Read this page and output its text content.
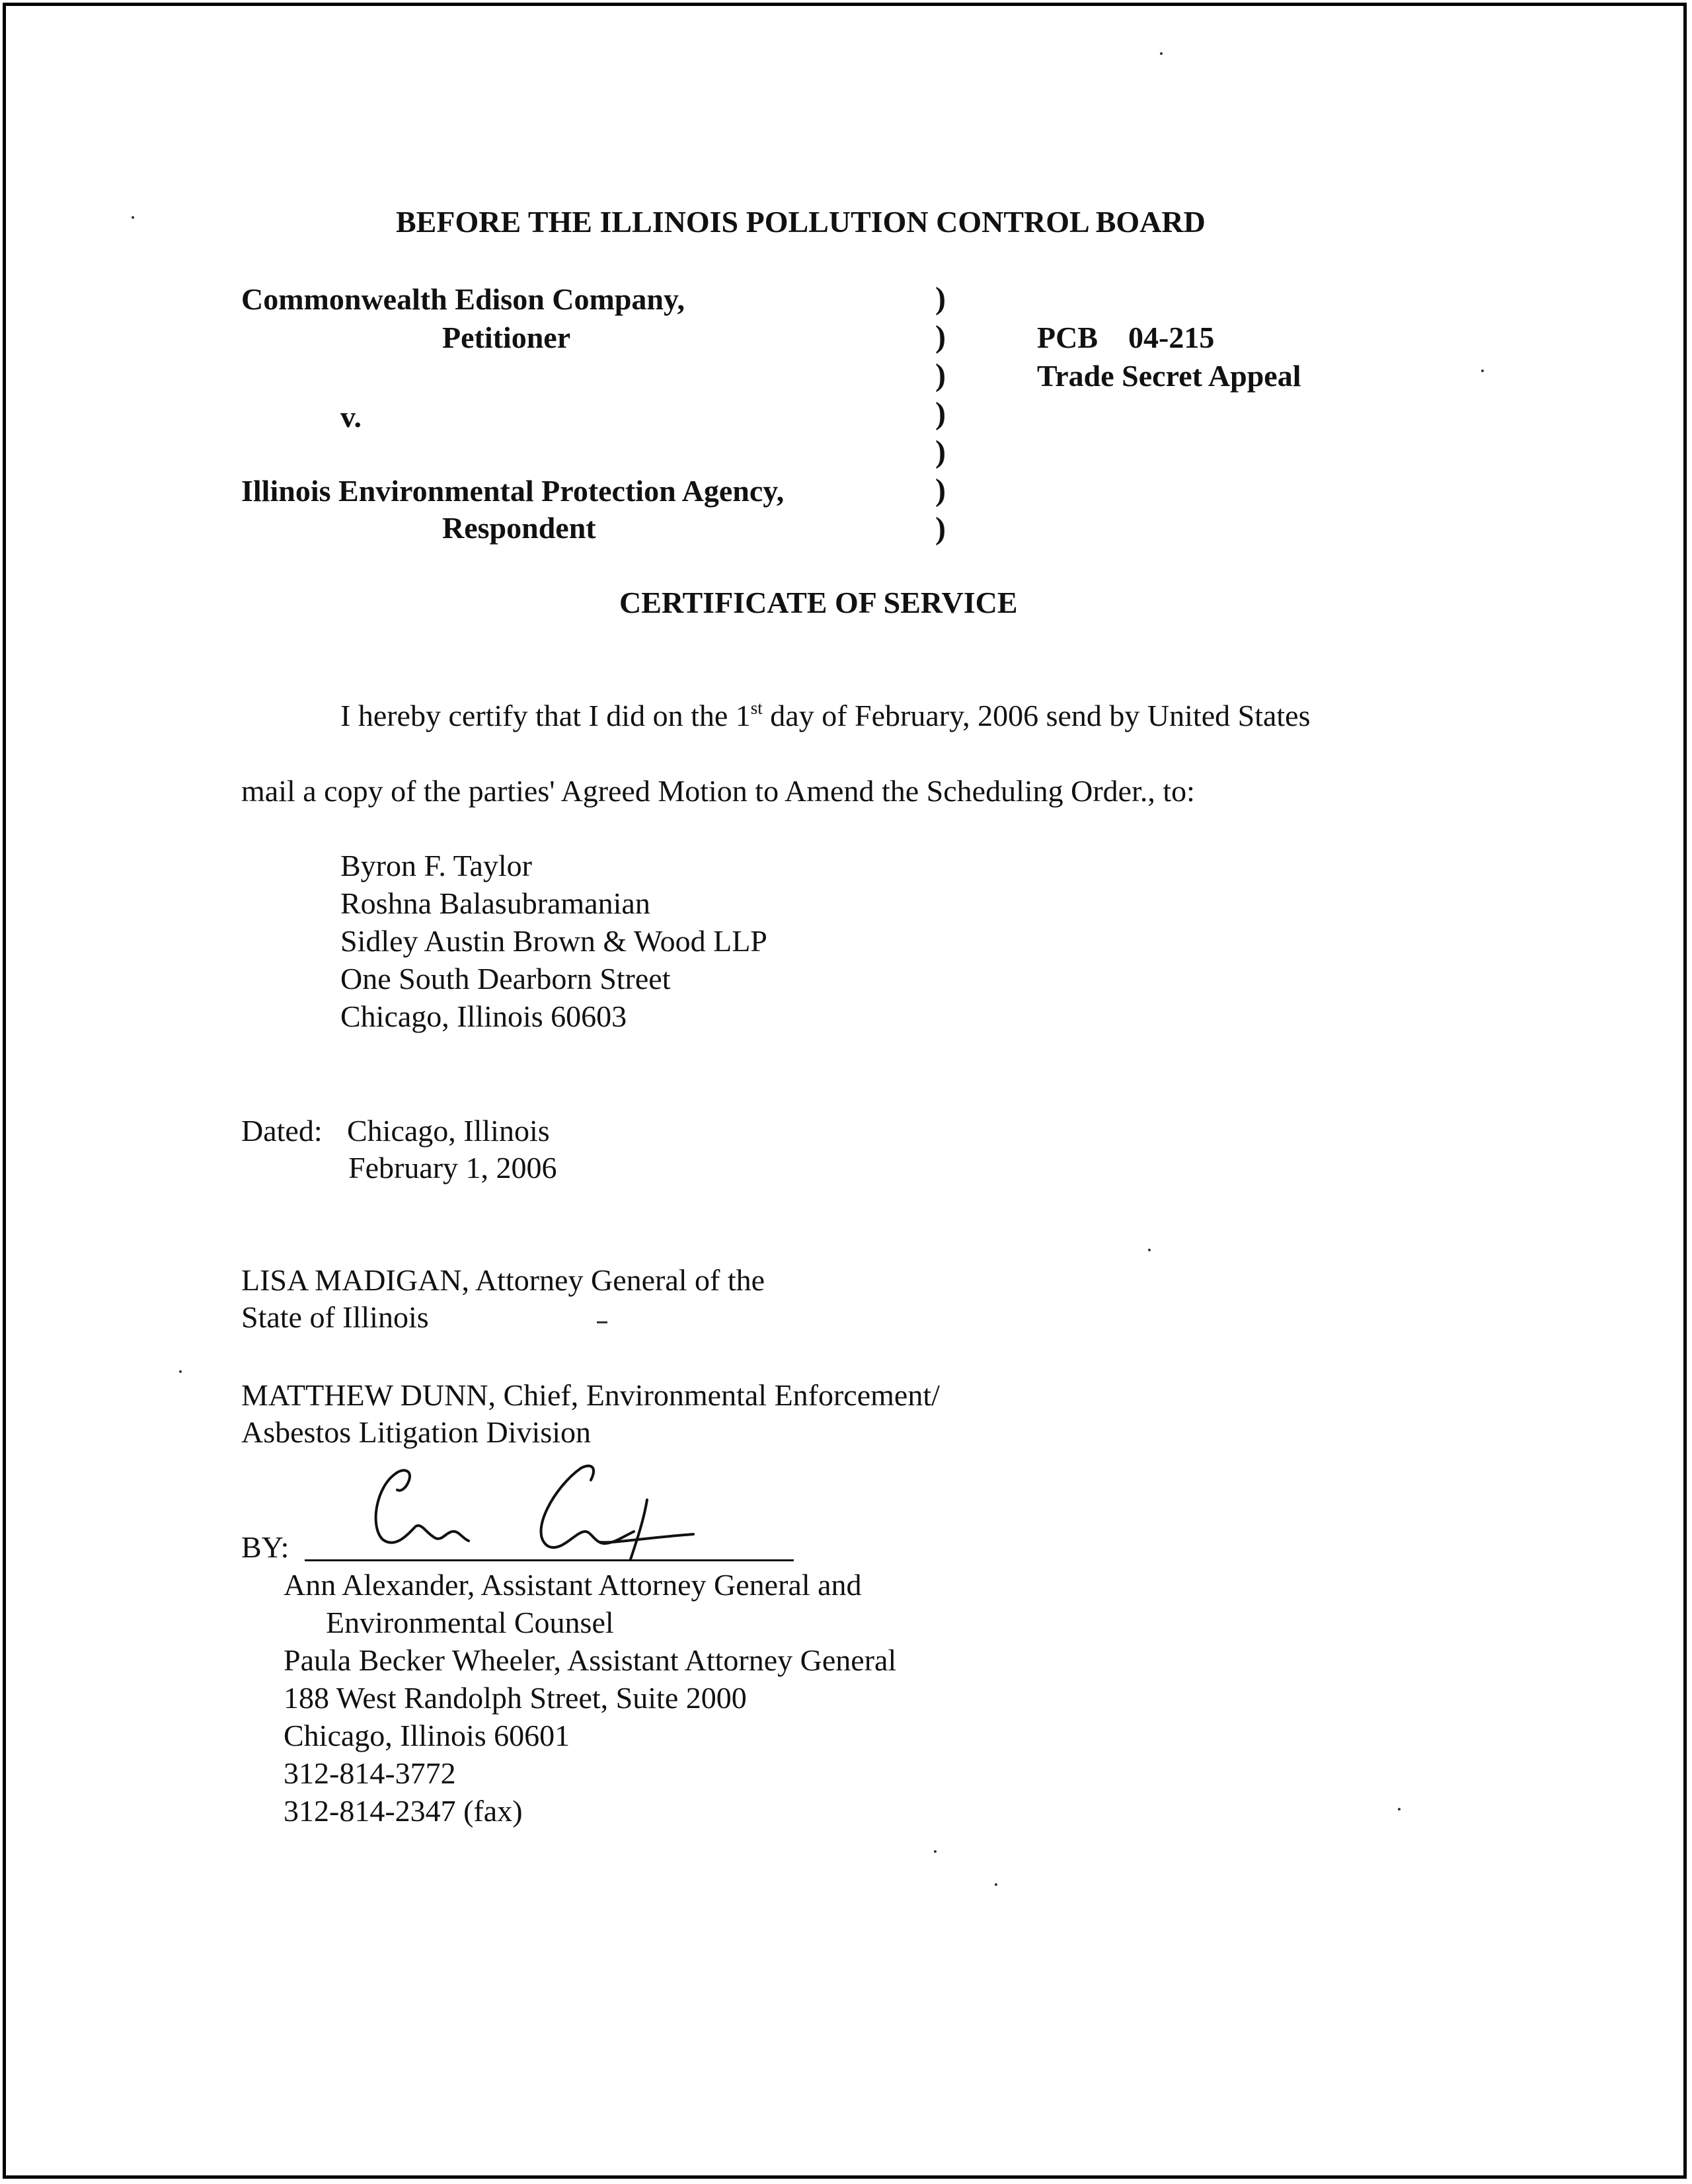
BEFORE THE ILLINOIS POLLUTION CONTROL BOARD
Commonwealth Edison Company,
Petitioner
v.
Illinois Environmental Protection Agency,
Respondent
)
)
)
)
)
)
)
PCB    04-215
Trade Secret Appeal
CERTIFICATE OF SERVICE
I hereby certify that I did on the 1st day of February, 2006 send by United States
mail a copy of the parties' Agreed Motion to Amend the Scheduling Order., to:
Byron F. Taylor
Roshna Balasubramanian
Sidley Austin Brown & Wood LLP
One South Dearborn Street
Chicago, Illinois 60603
Dated: Chicago, Illinois
February 1, 2006
LISA MADIGAN, Attorney General of the
State of Illinois
MATTHEW DUNN, Chief, Environmental Enforcement/
Asbestos Litigation Division
BY:
Ann Alexander, Assistant Attorney General and
Environmental Counsel
Paula Becker Wheeler, Assistant Attorney General
188 West Randolph Street, Suite 2000
Chicago, Illinois 60601
312-814-3772
312-814-2347 (fax)
